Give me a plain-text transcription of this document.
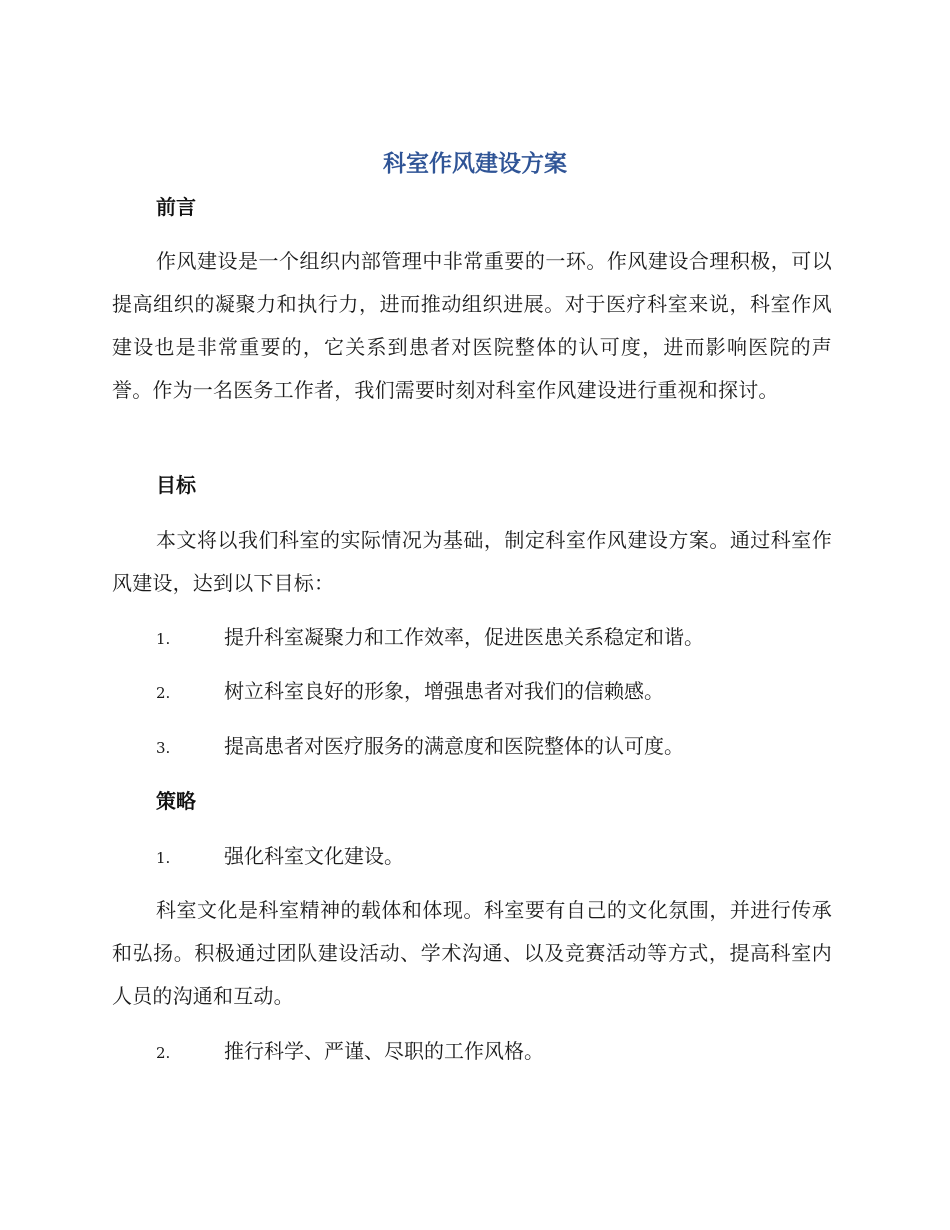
科室作风建设方案
前言

作风建设是一个组织内部管理中非常重要的一环。作风建设合理积极，可以提高组织的凝聚力和执行力，进而推动组织进展。对于医疗科室来说，科室作风建设也是非常重要的，它关系到患者对医院整体的认可度，进而影响医院的声誉。作为一名医务工作者，我们需要时刻对科室作风建设进行重视和探讨。

目标

本文将以我们科室的实际情况为基础，制定科室作风建设方案。通过科室作风建设，达到以下目标：

1.	提升科室凝聚力和工作效率，促进医患关系稳定和谐。
2.	树立科室良好的形象，增强患者对我们的信赖感。
3.	提高患者对医疗服务的满意度和医院整体的认可度。
策略
1.	强化科室文化建设。

科室文化是科室精神的载体和体现。科室要有自己的文化氛围，并进行传承和弘扬。积极通过团队建设活动、学术沟通、以及竞赛活动等方式，提高科室内人员的沟通和互动。

2.	推行科学、严谨、尽职的工作风格。
